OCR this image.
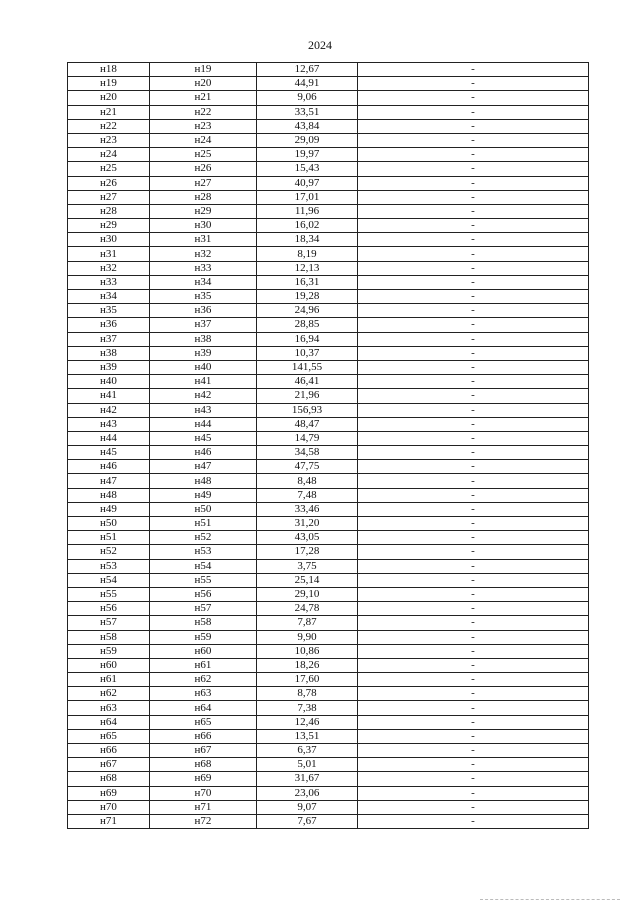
2024
н18	н19	12,67	-
н19	н20	44,91	-
н20	н21	9,06	-
н21	н22	33,51	-
н22	н23	43,84	-
н23	н24	29,09	-
н24	н25	19,97	-
н25	н26	15,43	-
н26	н27	40,97	-
н27	н28	17,01	-
н28	н29	11,96	-
н29	н30	16,02	-
н30	н31	18,34	-
н31	н32	8,19	-
н32	н33	12,13	-
н33	н34	16,31	-
н34	н35	19,28	-
н35	н36	24,96	-
н36	н37	28,85	-
н37	н38	16,94	-
н38	н39	10,37	-
н39	н40	141,55	-
н40	н41	46,41	-
н41	н42	21,96	-
н42	н43	156,93	-
н43	н44	48,47	-
н44	н45	14,79	-
н45	н46	34,58	-
н46	н47	47,75	-
н47	н48	8,48	-
н48	н49	7,48	-
н49	н50	33,46	-
н50	н51	31,20	-
н51	н52	43,05	-
н52	н53	17,28	-
н53	н54	3,75	-
н54	н55	25,14	-
н55	н56	29,10	-
н56	н57	24,78	-
н57	н58	7,87	-
н58	н59	9,90	-
н59	н60	10,86	-
н60	н61	18,26	-
н61	н62	17,60	-
н62	н63	8,78	-
н63	н64	7,38	-
н64	н65	12,46	-
н65	н66	13,51	-
н66	н67	6,37	-
н67	н68	5,01	-
н68	н69	31,67	-
н69	н70	23,06	-
н70	н71	9,07	-
н71	н72	7,67	-
